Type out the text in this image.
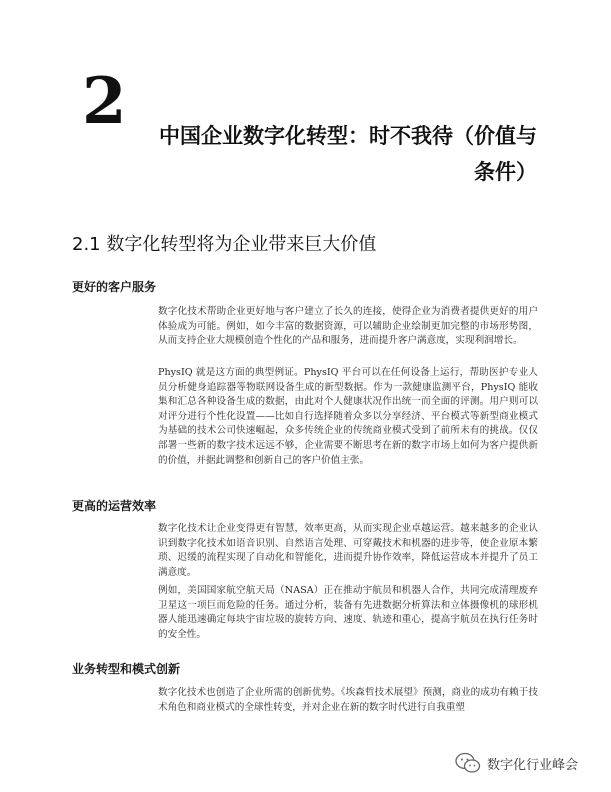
2	中国企业数字化转型：时不我待（价值与
条件）
2.1 数字化转型将为企业带来巨大价值
更好的客户服务

数字化技术帮助企业更好地与客户建立了长久的连接，使得企业为消费者提供更好的用户体验成为可能。例如，如今丰富的数据资源，可以辅助企业绘制更加完整的市场形势图，从而支持企业大规模创造个性化的产品和服务，进而提升客户满意度，实现利润增长。

PhysIQ 就是这方面的典型例证。PhysIQ 平台可以在任何设备上运行，帮助医护专业人员分析健身追踪器等物联网设备生成的新型数据。作为一款健康监测平台，PhysIQ 能收集和汇总各种设备生成的数据，由此对个人健康状况作出统一而全面的评测。用户则可以对评分进行个性化设置——比如自行选择随着众多以分享经济、平台模式等新型商业模式为基础的技术公司快速崛起，众多传统企业的传统商业模式受到了前所未有的挑战。仅仅部署一些新的数字技术远远不够，企业需要不断思考在新的数字市场上如何为客户提供新的价值，并据此调整和创新自己的客户价值主张。

更高的运营效率

数字化技术让企业变得更有智慧，效率更高，从而实现企业卓越运营。越来越多的企业认识到数字化技术如语音识别、自然语言处理、可穿戴技术和机器的进步等，使企业原本繁琐、迟缓的流程实现了自动化和智能化，进而提升协作效率，降低运营成本并提升了员工满意度。

例如，美国国家航空航天局（NASA）正在推动宇航员和机器人合作，共同完成清理废弃卫星这一项巨而危险的任务。通过分析，装备有先进数据分析算法和立体摄像机的球形机器人能迅速确定每块宇宙垃圾的旋转方向、速度、轨迹和重心，提高宇航员在执行任务时的安全性。

业务转型和模式创新

数字化技术也创造了企业所需的创新优势。《埃森哲技术展望》预测，商业的成功有赖于技术角色和商业模式的全球性转变，并对企业在新的数字时代进行自我重塑

数字化行业峰会
